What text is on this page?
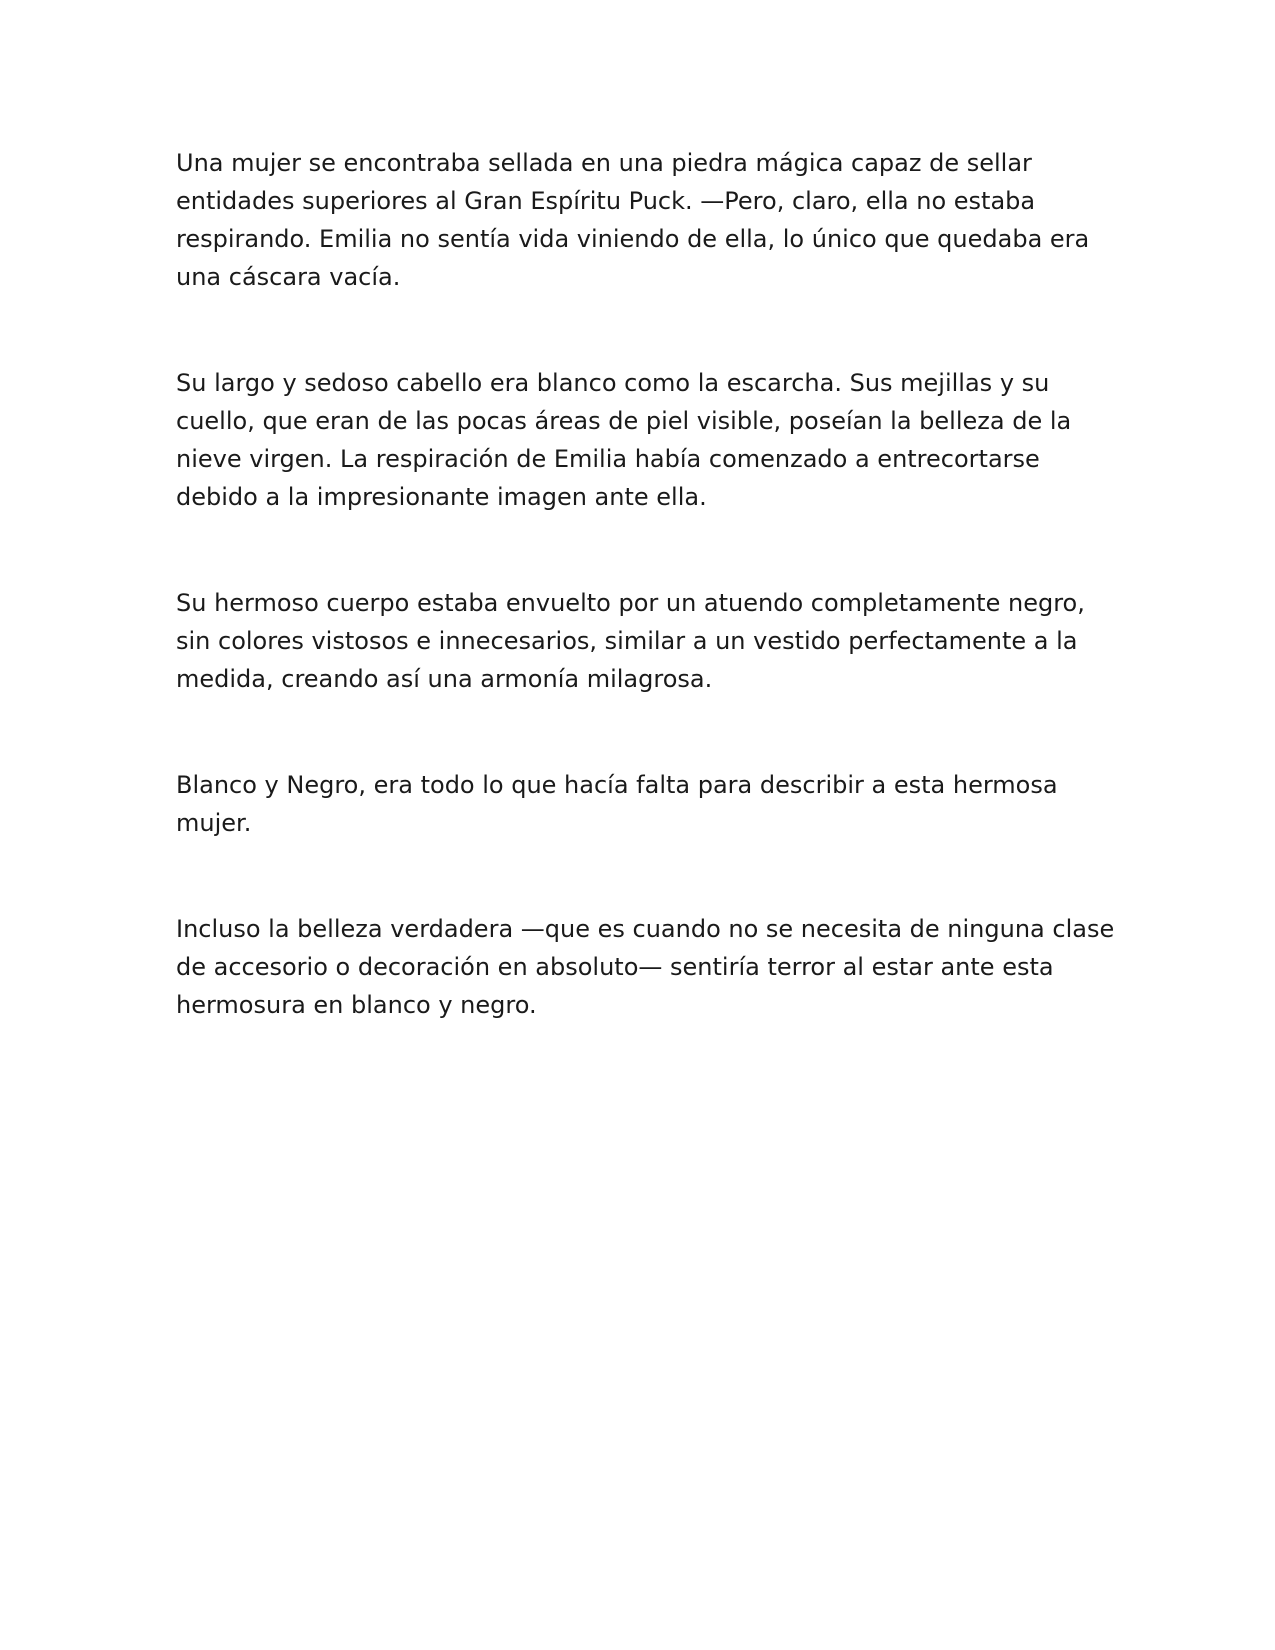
Una mujer se encontraba sellada en una piedra mágica capaz de sellar
entidades superiores al Gran Espíritu Puck. —Pero, claro, ella no estaba
respirando. Emilia no sentía vida viniendo de ella, lo único que quedaba era
una cáscara vacía.

Su largo y sedoso cabello era blanco como la escarcha. Sus mejillas y su
cuello, que eran de las pocas áreas de piel visible, poseían la belleza de la
nieve virgen. La respiración de Emilia había comenzado a entrecortarse
debido a la impresionante imagen ante ella.

Su hermoso cuerpo estaba envuelto por un atuendo completamente negro,
sin colores vistosos e innecesarios, similar a un vestido perfectamente a la
medida, creando así una armonía milagrosa.

Blanco y Negro, era todo lo que hacía falta para describir a esta hermosa
mujer.

Incluso la belleza verdadera —que es cuando no se necesita de ninguna clase
de accesorio o decoración en absoluto— sentiría terror al estar ante esta
hermosura en blanco y negro.
